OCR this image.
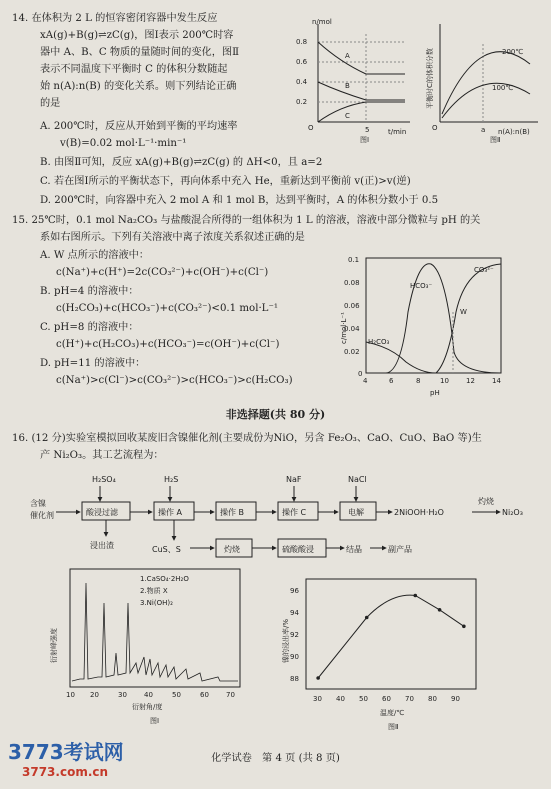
14. 在体积为 2 L 的恒容密闭容器中发生反应
xA(g)+B(g)⇌zC(g)，图Ⅰ表示 200℃时容
器中 A、B、C 物质的量随时间的变化，图Ⅱ
表示不同温度下平衡时 C 的体积分数随起
始 n(A):n(B) 的变化关系。则下列结论正确
的是
A. 200℃时，反应从开始到平衡的平均速率
v(B)=0.02 mol·L⁻¹·min⁻¹
B. 由图Ⅱ可知，反应 xA(g)+B(g)⇌zC(g) 的 ΔH<0，且 a=2
C. 若在图Ⅰ所示的平衡状态下，再向体系中充入 He，重新达到平衡前 v(正)>v(逆)
D. 200℃时，向容器中充入 2 mol A 和 1 mol B，达到平衡时，A 的体积分数小于 0.5
n/mol
t/min
0.8
0.6
0.4
0.2
O	5
A
B
C
图Ⅰ
平衡时C的体积分数
n(A):n(B)
O	a
200℃
100℃
图Ⅱ
15. 25℃时，0.1 mol Na₂CO₃ 与盐酸混合所得的一组体积为 1 L 的溶液，溶液中部分微粒与 pH 的关
系如右图所示。下列有关溶液中离子浓度关系叙述正确的是
A. W 点所示的溶液中：
c(Na⁺)+c(H⁺)=2c(CO₃²⁻)+c(OH⁻)+c(Cl⁻)
B. pH=4 的溶液中：
c(H₂CO₃)+c(HCO₃⁻)+c(CO₃²⁻)<0.1 mol·L⁻¹
C. pH=8 的溶液中：
c(H⁺)+c(H₂CO₃)+c(HCO₃⁻)=c(OH⁻)+c(Cl⁻)
D. pH=11 的溶液中：
c(Na⁺)>c(Cl⁻)>c(CO₃²⁻)>c(HCO₃⁻)>c(H₂CO₃)
c/mol·L⁻¹
0.1
0.08
0.06
0.04
0.02
0
4	6	8	10 12 14
pH
HCO₃⁻
CO₃²⁻
W
H₂CO₃
非选择题(共 80 分)
16. (12 分)实验室模拟回收某废旧含镍催化剂(主要成份为NiO，另含 Fe₂O₃、CaO、CuO、BaO 等)生
产 Ni₂O₃。其工艺流程为：
含镍
催化剂
H₂SO₄
酸浸过滤
浸出渣
H₂S
操作 A	操作 B
NaF
操作 C
NaCl
电解	2NiOOH·H₂O
灼烧
Ni₂O₃
CuS、S	灼烧	硫酸酸浸	结晶	副产品
衍射峰强度
1.CaSO₄·2H₂O
2.物质 X
3.Ni(OH)₂
10 20	30 40	50	60 70
衍射角/度
图Ⅰ
镍的浸出率/%
96
94
92
90
88
30 40 50 60 70 80 90
温度/℃
图Ⅱ
化学试卷　第 4 页 (共 8 页)
3773考试网
3773.com.cn
